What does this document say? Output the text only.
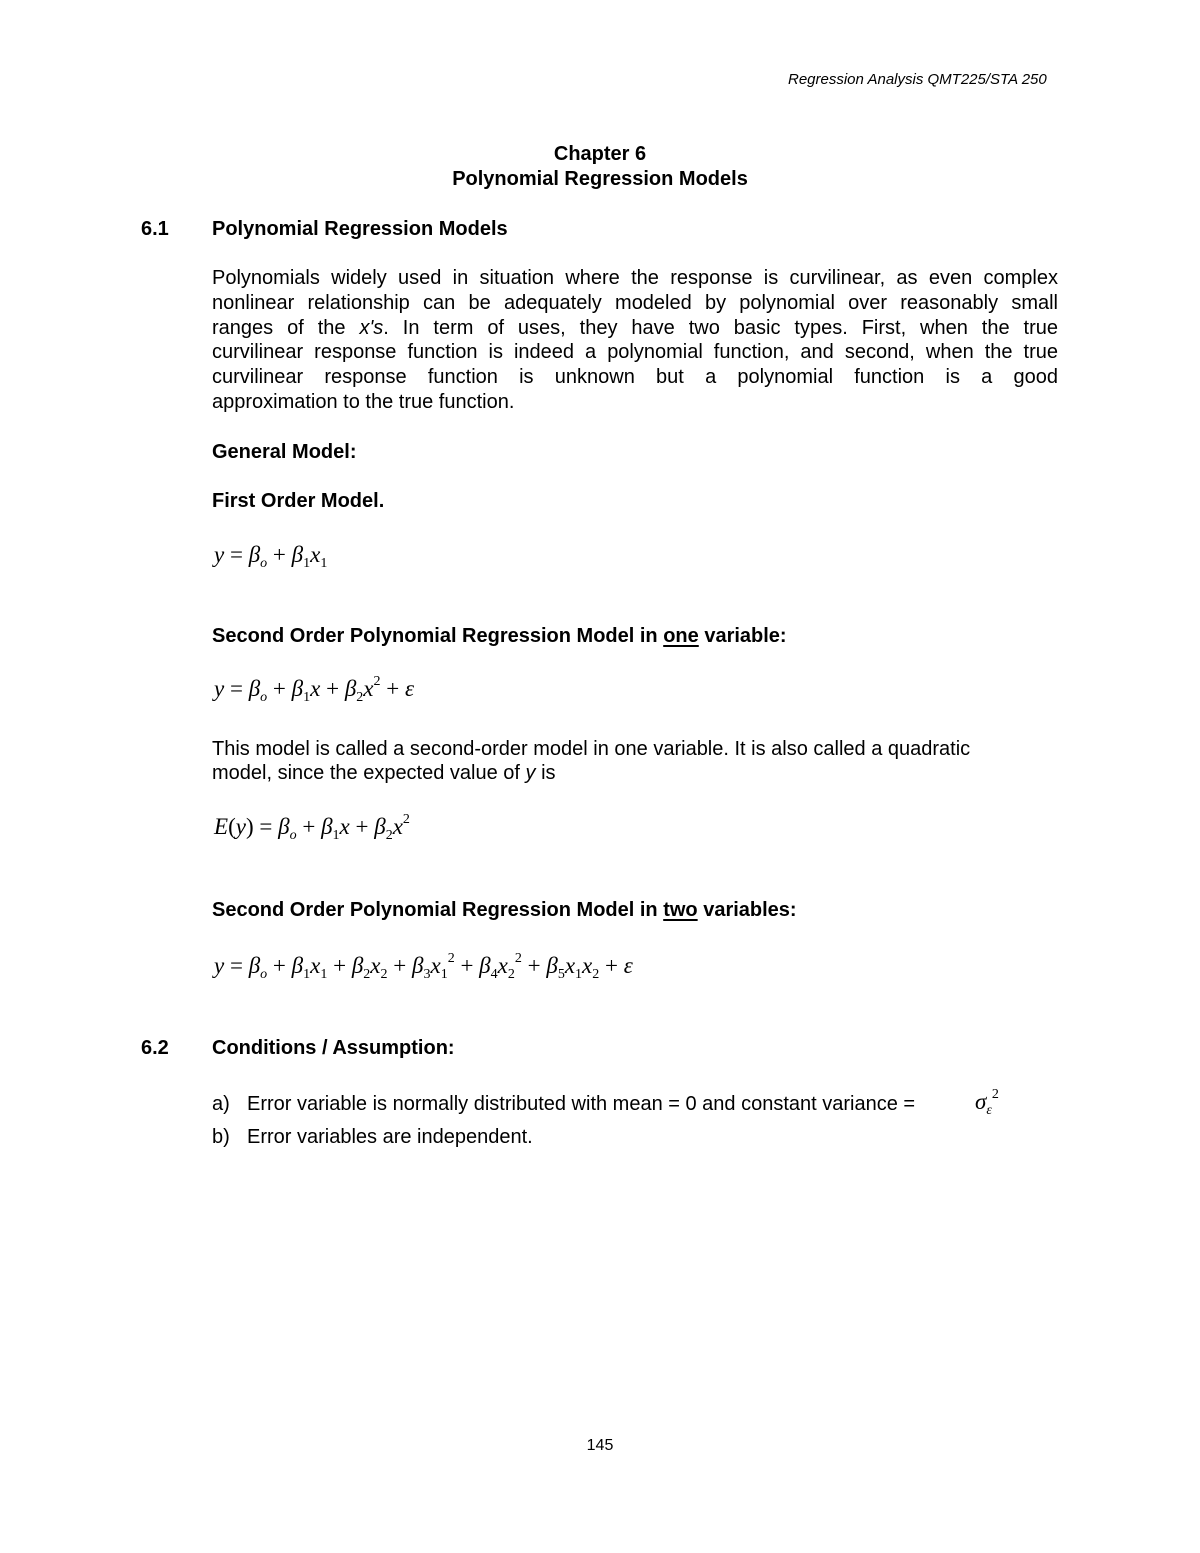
Regression Analysis QMT225/STA 250
Chapter 6
Polynomial Regression Models
6.1 Polynomial Regression Models
Polynomials widely used in situation where the response is curvilinear, as even complex
nonlinear relationship can be adequately modeled by polynomial over reasonably small
ranges of the x's. In term of uses, they have two basic types. First, when the true
curvilinear response function is indeed a polynomial function, and second, when the true
curvilinear response function is unknown but a polynomial function is a good
approximation to the true function.
General Model:
First Order Model.
$y = \beta_o + \beta_1x_1$
Second Order Polynomial Regression Model in one variable:
$y = \beta_o + \beta_1x + \beta_2x^2 + \varepsilon$
This model is called a second-order model in one variable. It is also called a quadratic
model, since the expected value of y is
$E(y) = \beta_o + \beta_1x + \beta_2x^2$
Second Order Polynomial Regression Model in two variables:
$y = \beta_o + \beta_1x_1 + \beta_2x_2 + \beta_3x_1^2 + \beta_4x_2^2 + \beta_5x_1x_2 + \varepsilon$
6.2 Conditions / Assumption:
a) Error variable is normally distributed with mean = 0 and constant variance =	$\sigma_\varepsilon^2$
b) Error variables are independent.
145
